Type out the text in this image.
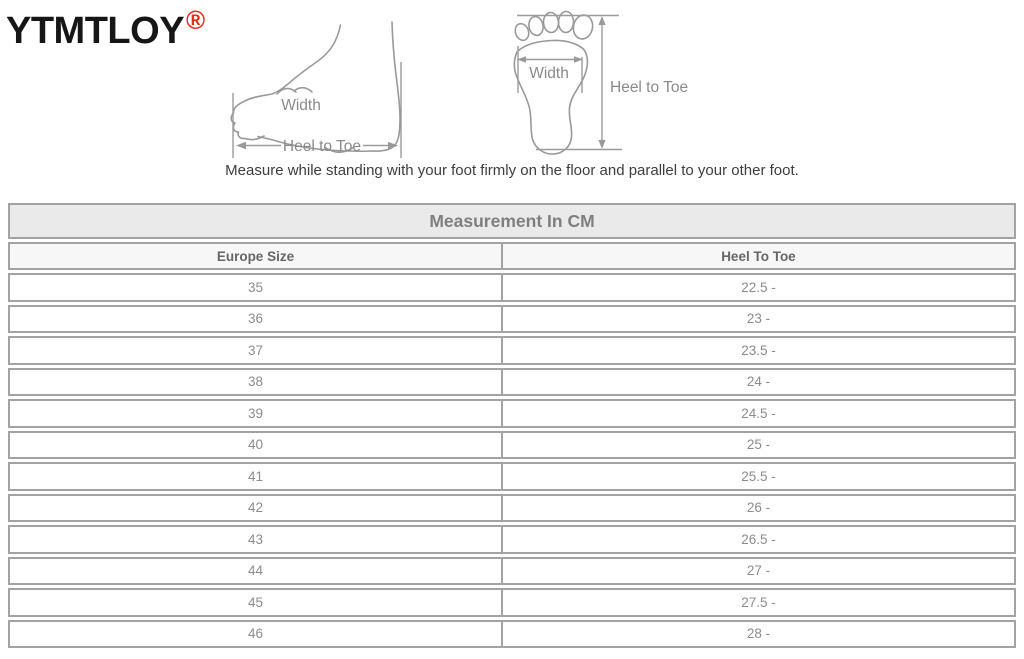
YTMTLOY®
Width
Heel to Toe
Width
Heel to Toe
Measure while standing with your foot firmly on the floor and parallel to your other foot.
Measurement In CM	
Europe Size	Heel To Toe
35	22.5 -
36	23 -
37	23.5 -
38	24 -
39	24.5 -
40	25 -
41	25.5 -
42	26 -
43	26.5 -
44	27 -
45	27.5 -
46	28 -
